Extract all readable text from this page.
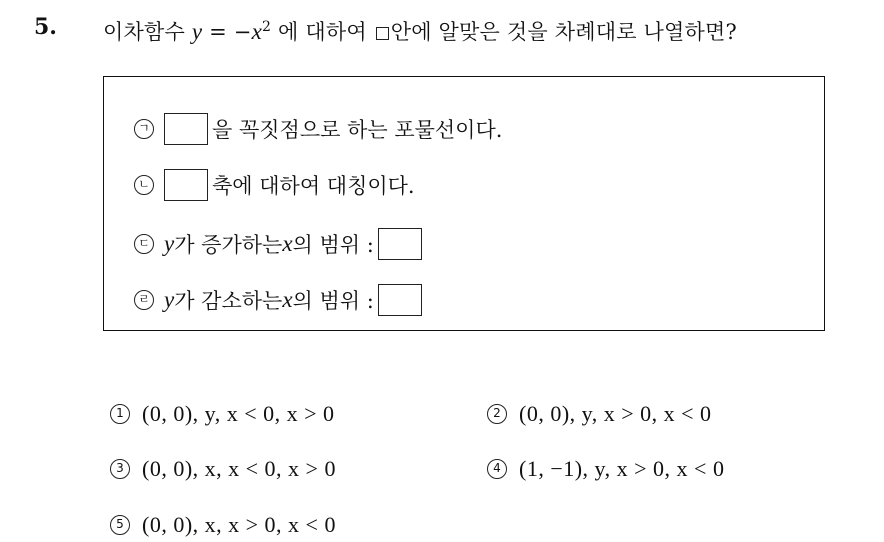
5. 이차함수 $y = -x^2$ 에 대하여 안에 알맞은 것을 차례대로 나열하면?
ㄱ	을 꼭짓점으로 하는 포물선이다.
ㄴ	축에 대하여 대칭이다.
ㄷ y 가 증가하는 x 의 범위 :
ㄹ y 가 감소하는 x 의 범위 :
1 (0, 0), y, x < 0, x > 0	2 (0, 0), y, x > 0, x < 0
3 (0, 0), x, x < 0, x > 0	4 (1, −1), y, x > 0, x < 0
5 (0, 0), x, x > 0, x < 0
